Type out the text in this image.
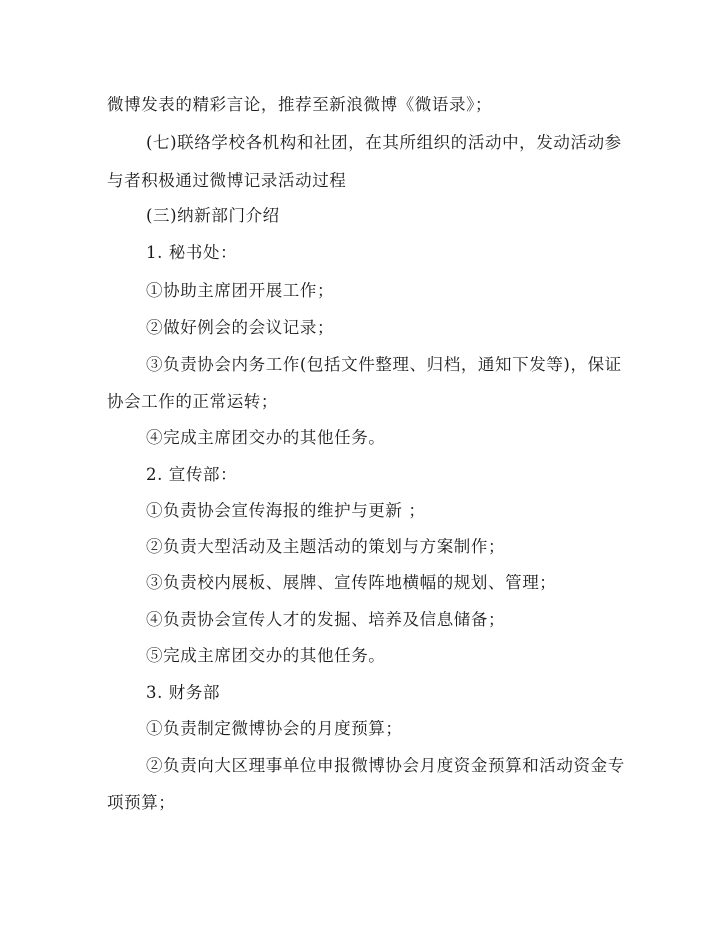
微博发表的精彩言论，推荐至新浪微博《微语录》；
(七)联络学校各机构和社团，在其所组织的活动中，发动活动参
与者积极通过微博记录活动过程
(三)纳新部门介绍
1. 秘书处：
①协助主席团开展工作；
②做好例会的会议记录；
③负责协会内务工作(包括文件整理、归档，通知下发等)，保证
协会工作的正常运转；
④完成主席团交办的其他任务。
2. 宣传部：
①负责协会宣传海报的维护与更新 ；
②负责大型活动及主题活动的策划与方案制作；
③负责校内展板、展牌、宣传阵地横幅的规划、管理；
④负责协会宣传人才的发掘、培养及信息储备；
⑤完成主席团交办的其他任务。
3. 财务部
①负责制定微博协会的月度预算；
②负责向大区理事单位申报微博协会月度资金预算和活动资金专
项预算；
